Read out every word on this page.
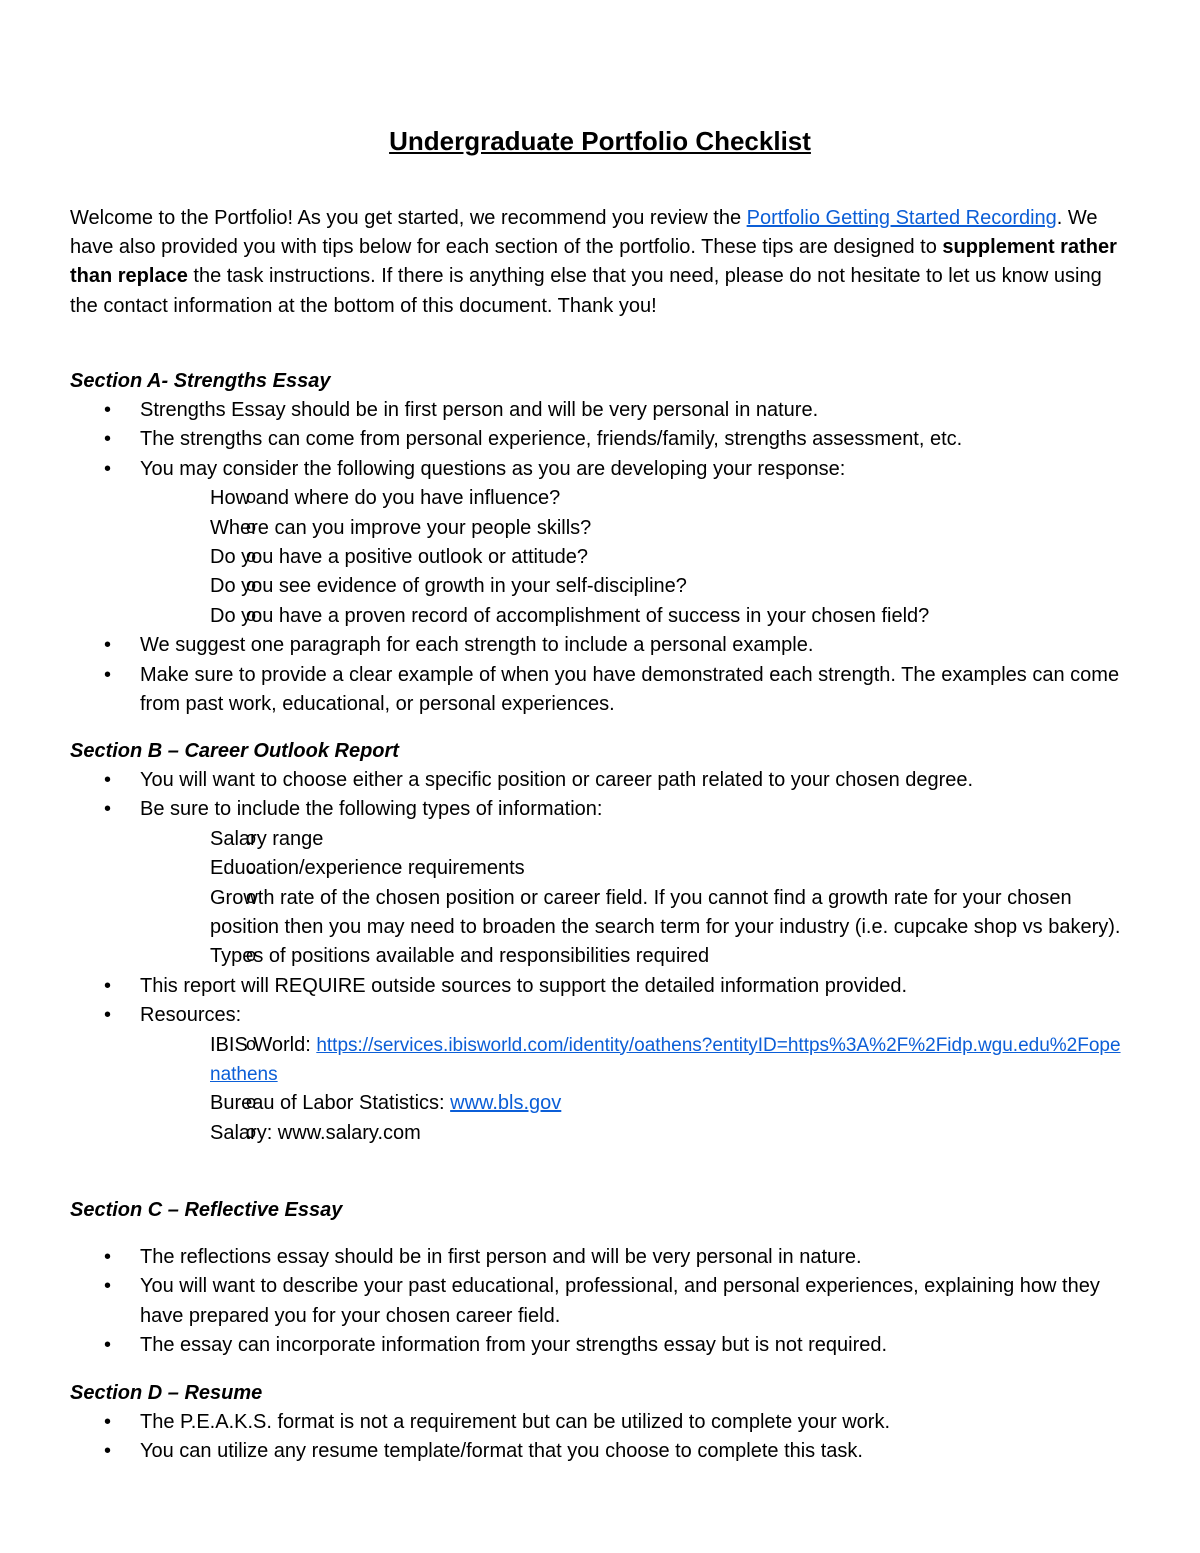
Undergraduate Portfolio Checklist

Welcome to the Portfolio! As you get started, we recommend you review the Portfolio Getting Started Recording. We have also provided you with tips below for each section of the portfolio. These tips are designed to supplement rather than replace the task instructions. If there is anything else that you need, please do not hesitate to let us know using the contact information at the bottom of this document. Thank you!

Section A- Strengths Essay

• Strengths Essay should be in first person and will be very personal in nature.
• The strengths can come from personal experience, friends/family, strengths assessment, etc.
• You may consider the following questions as you are developing your response:
o How and where do you have influence?
o Where can you improve your people skills?
o Do you have a positive outlook or attitude?
o Do you see evidence of growth in your self-discipline?
o Do you have a proven record of accomplishment of success in your chosen field?
• We suggest one paragraph for each strength to include a personal example.
• Make sure to provide a clear example of when you have demonstrated each strength. The examples can come from past work, educational, or personal experiences.

Section B – Career Outlook Report

• You will want to choose either a specific position or career path related to your chosen degree.
• Be sure to include the following types of information:
o Salary range
o Education/experience requirements
o Growth rate of the chosen position or career field. If you cannot find a growth rate for your chosen position then you may need to broaden the search term for your industry (i.e. cupcake shop vs bakery).
o Types of positions available and responsibilities required
• This report will REQUIRE outside sources to support the detailed information provided.
• Resources:
o IBIS World: https://services.ibisworld.com/identity/oathens?entityID=https%3A%2F%2Fidp.wgu.edu%2Fopenathens
o Bureau of Labor Statistics: www.bls.gov
o Salary: www.salary.com

Section C – Reflective Essay

• The reflections essay should be in first person and will be very personal in nature.
• You will want to describe your past educational, professional, and personal experiences, explaining how they have prepared you for your chosen career field.
• The essay can incorporate information from your strengths essay but is not required.

Section D – Resume

• The P.E.A.K.S. format is not a requirement but can be utilized to complete your work.
• You can utilize any resume template/format that you choose to complete this task.
